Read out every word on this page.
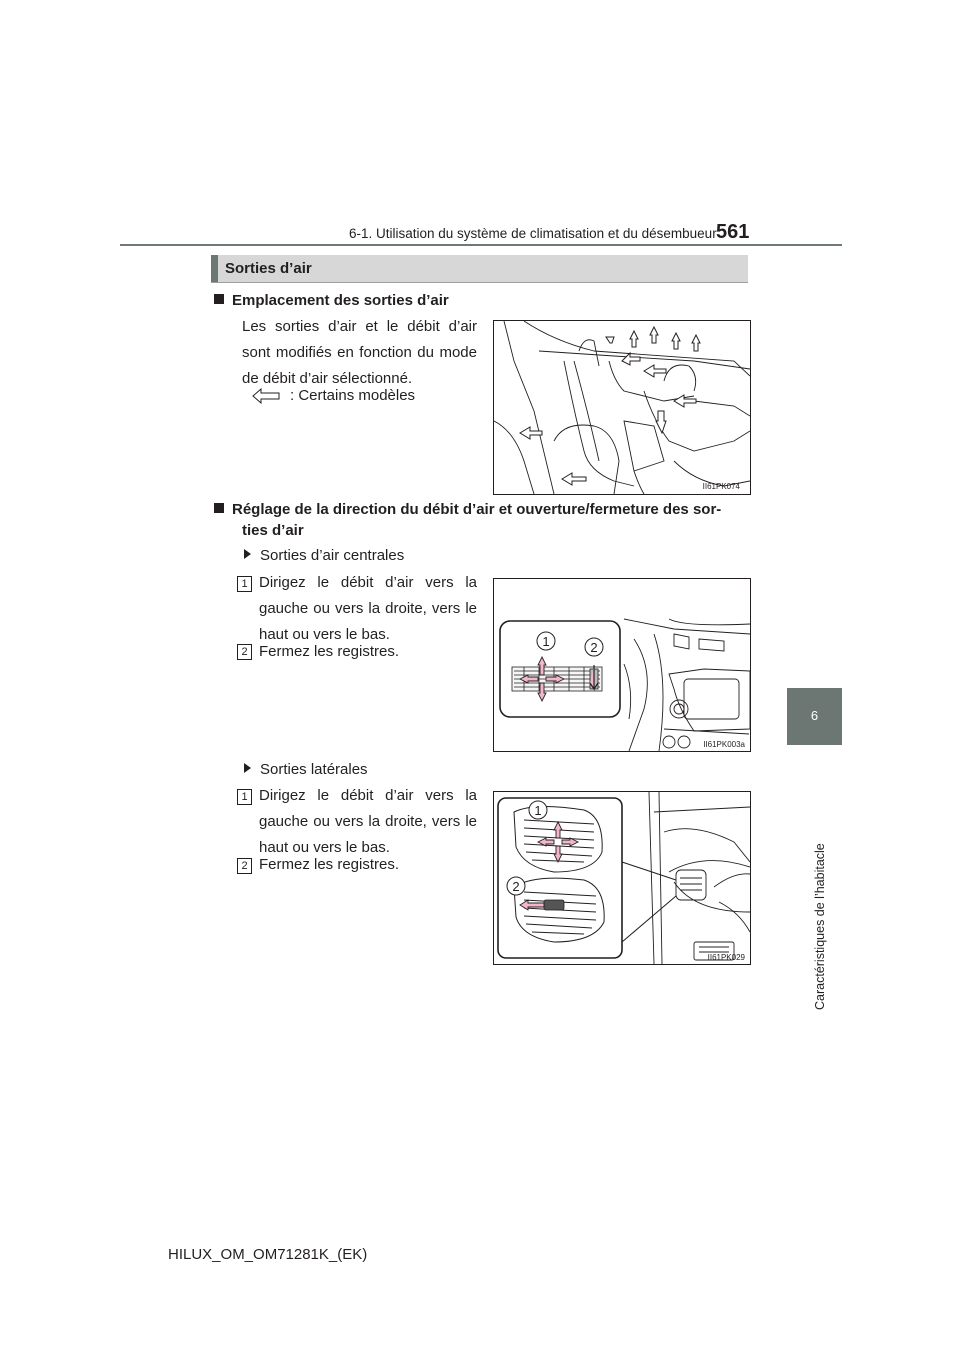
6-1. Utilisation du système de climatisation et du désembueur 561
6
Caractéristiques de l’habitacle
Sorties d’air
Emplacement des sorties d’air
Les sorties d’air et le débit d’air sont modifiés en fonction du mode de débit d’air sélectionné.
: Certains modèles
II61PK074
Réglage de la direction du débit d’air et ouverture/fermeture des sor-
ties d’air
Sorties d’air centrales
1 Dirigez le débit d’air vers la gauche ou vers la droite, vers le haut ou vers le bas.
2 Fermez les registres.
1	2
II61PK003a
Sorties latérales
1 Dirigez le débit d’air vers la gauche ou vers la droite, vers le haut ou vers le bas.
2 Fermez les registres.
1
2
II61PK029
HILUX_OM_OM71281K_(EK)
